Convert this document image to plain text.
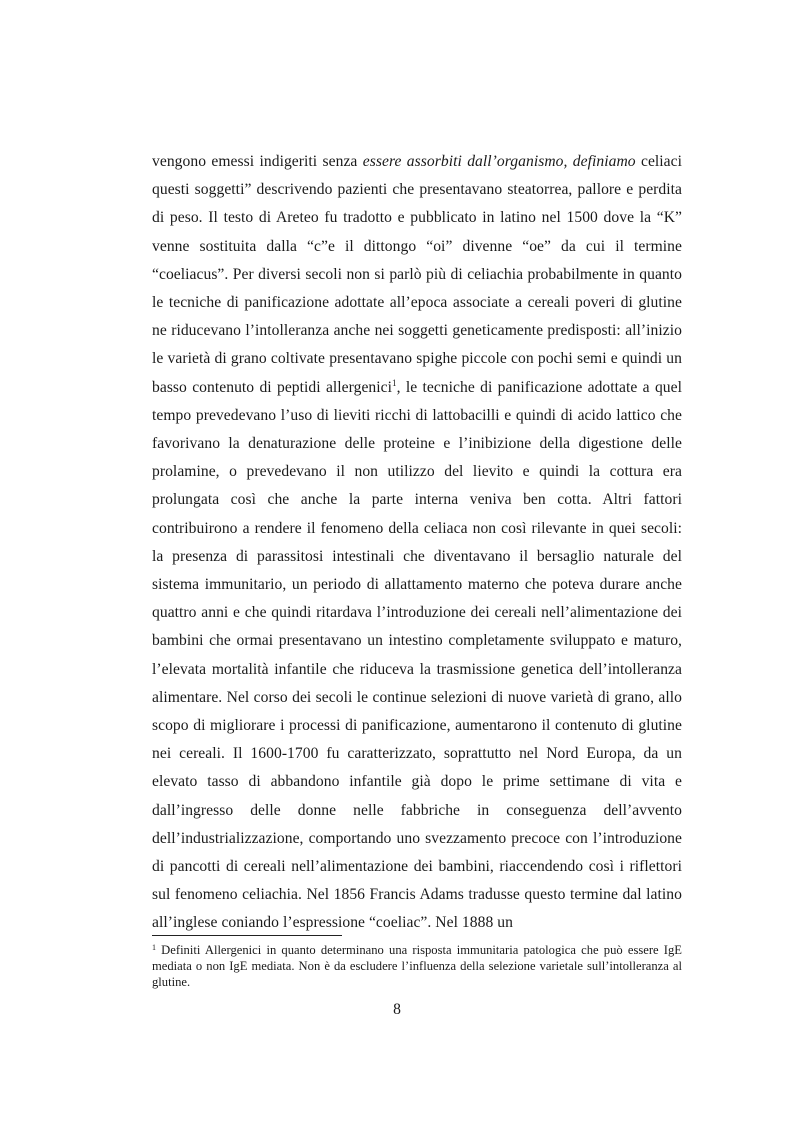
vengono emessi indigeriti senza essere assorbiti dall’organismo, definiamo celiaci questi soggetti” descrivendo pazienti che presentavano steatorrea, pallore e perdita di peso. Il testo di Areteo fu tradotto e pubblicato in latino nel 1500 dove la “K” venne sostituita dalla “c”e il dittongo “oi” divenne “oe” da cui il termine “coeliacus”. Per diversi secoli non si parlò più di celiachia probabilmente in quanto le tecniche di panificazione adottate all’epoca associate a cereali poveri di glutine ne riducevano l’intolleranza anche nei soggetti geneticamente predisposti: all’inizio le varietà di grano coltivate presentavano spighe piccole con pochi semi e quindi un basso contenuto di peptidi allergenici$^1$, le tecniche di panificazione adottate a quel tempo prevedevano l’uso di lieviti ricchi di lattobacilli e quindi di acido lattico che favorivano la denaturazione delle proteine e l’inibizione della digestione delle prolamine, o prevedevano il non utilizzo del lievito e quindi la cottura era prolungata così che anche la parte interna veniva ben cotta. Altri fattori contribuirono a rendere il fenomeno della celiaca non così rilevante in quei secoli: la presenza di parassitosi intestinali che diventavano il bersaglio naturale del sistema immunitario, un periodo di allattamento materno che poteva durare anche quattro anni e che quindi ritardava l’introduzione dei cereali nell’alimentazione dei bambini che ormai presentavano un intestino completamente sviluppato e maturo, l’elevata mortalità infantile che riduceva la trasmissione genetica dell’intolleranza alimentare. Nel corso dei secoli le continue selezioni di nuove varietà di grano, allo scopo di migliorare i processi di panificazione, aumentarono il contenuto di glutine nei cereali. Il 1600-1700 fu caratterizzato, soprattutto nel Nord Europa, da un elevato tasso di abbandono infantile già dopo le prime settimane di vita e dall’ingresso delle donne nelle fabbriche in conseguenza dell’avvento dell’industrializzazione, comportando uno svezzamento precoce con l’introduzione di pancotti di cereali nell’alimentazione dei bambini, riaccendendo così i riflettori sul fenomeno celiachia. Nel 1856 Francis Adams tradusse questo termine dal latino all’inglese coniando l’espressione “coeliac”. Nel 1888 un

$^1$ Definiti Allergenici in quanto determinano una risposta immunitaria patologica che può essere IgE mediata o non IgE mediata. Non è da escludere l’influenza della selezione varietale sull’intolleranza al glutine.

8
